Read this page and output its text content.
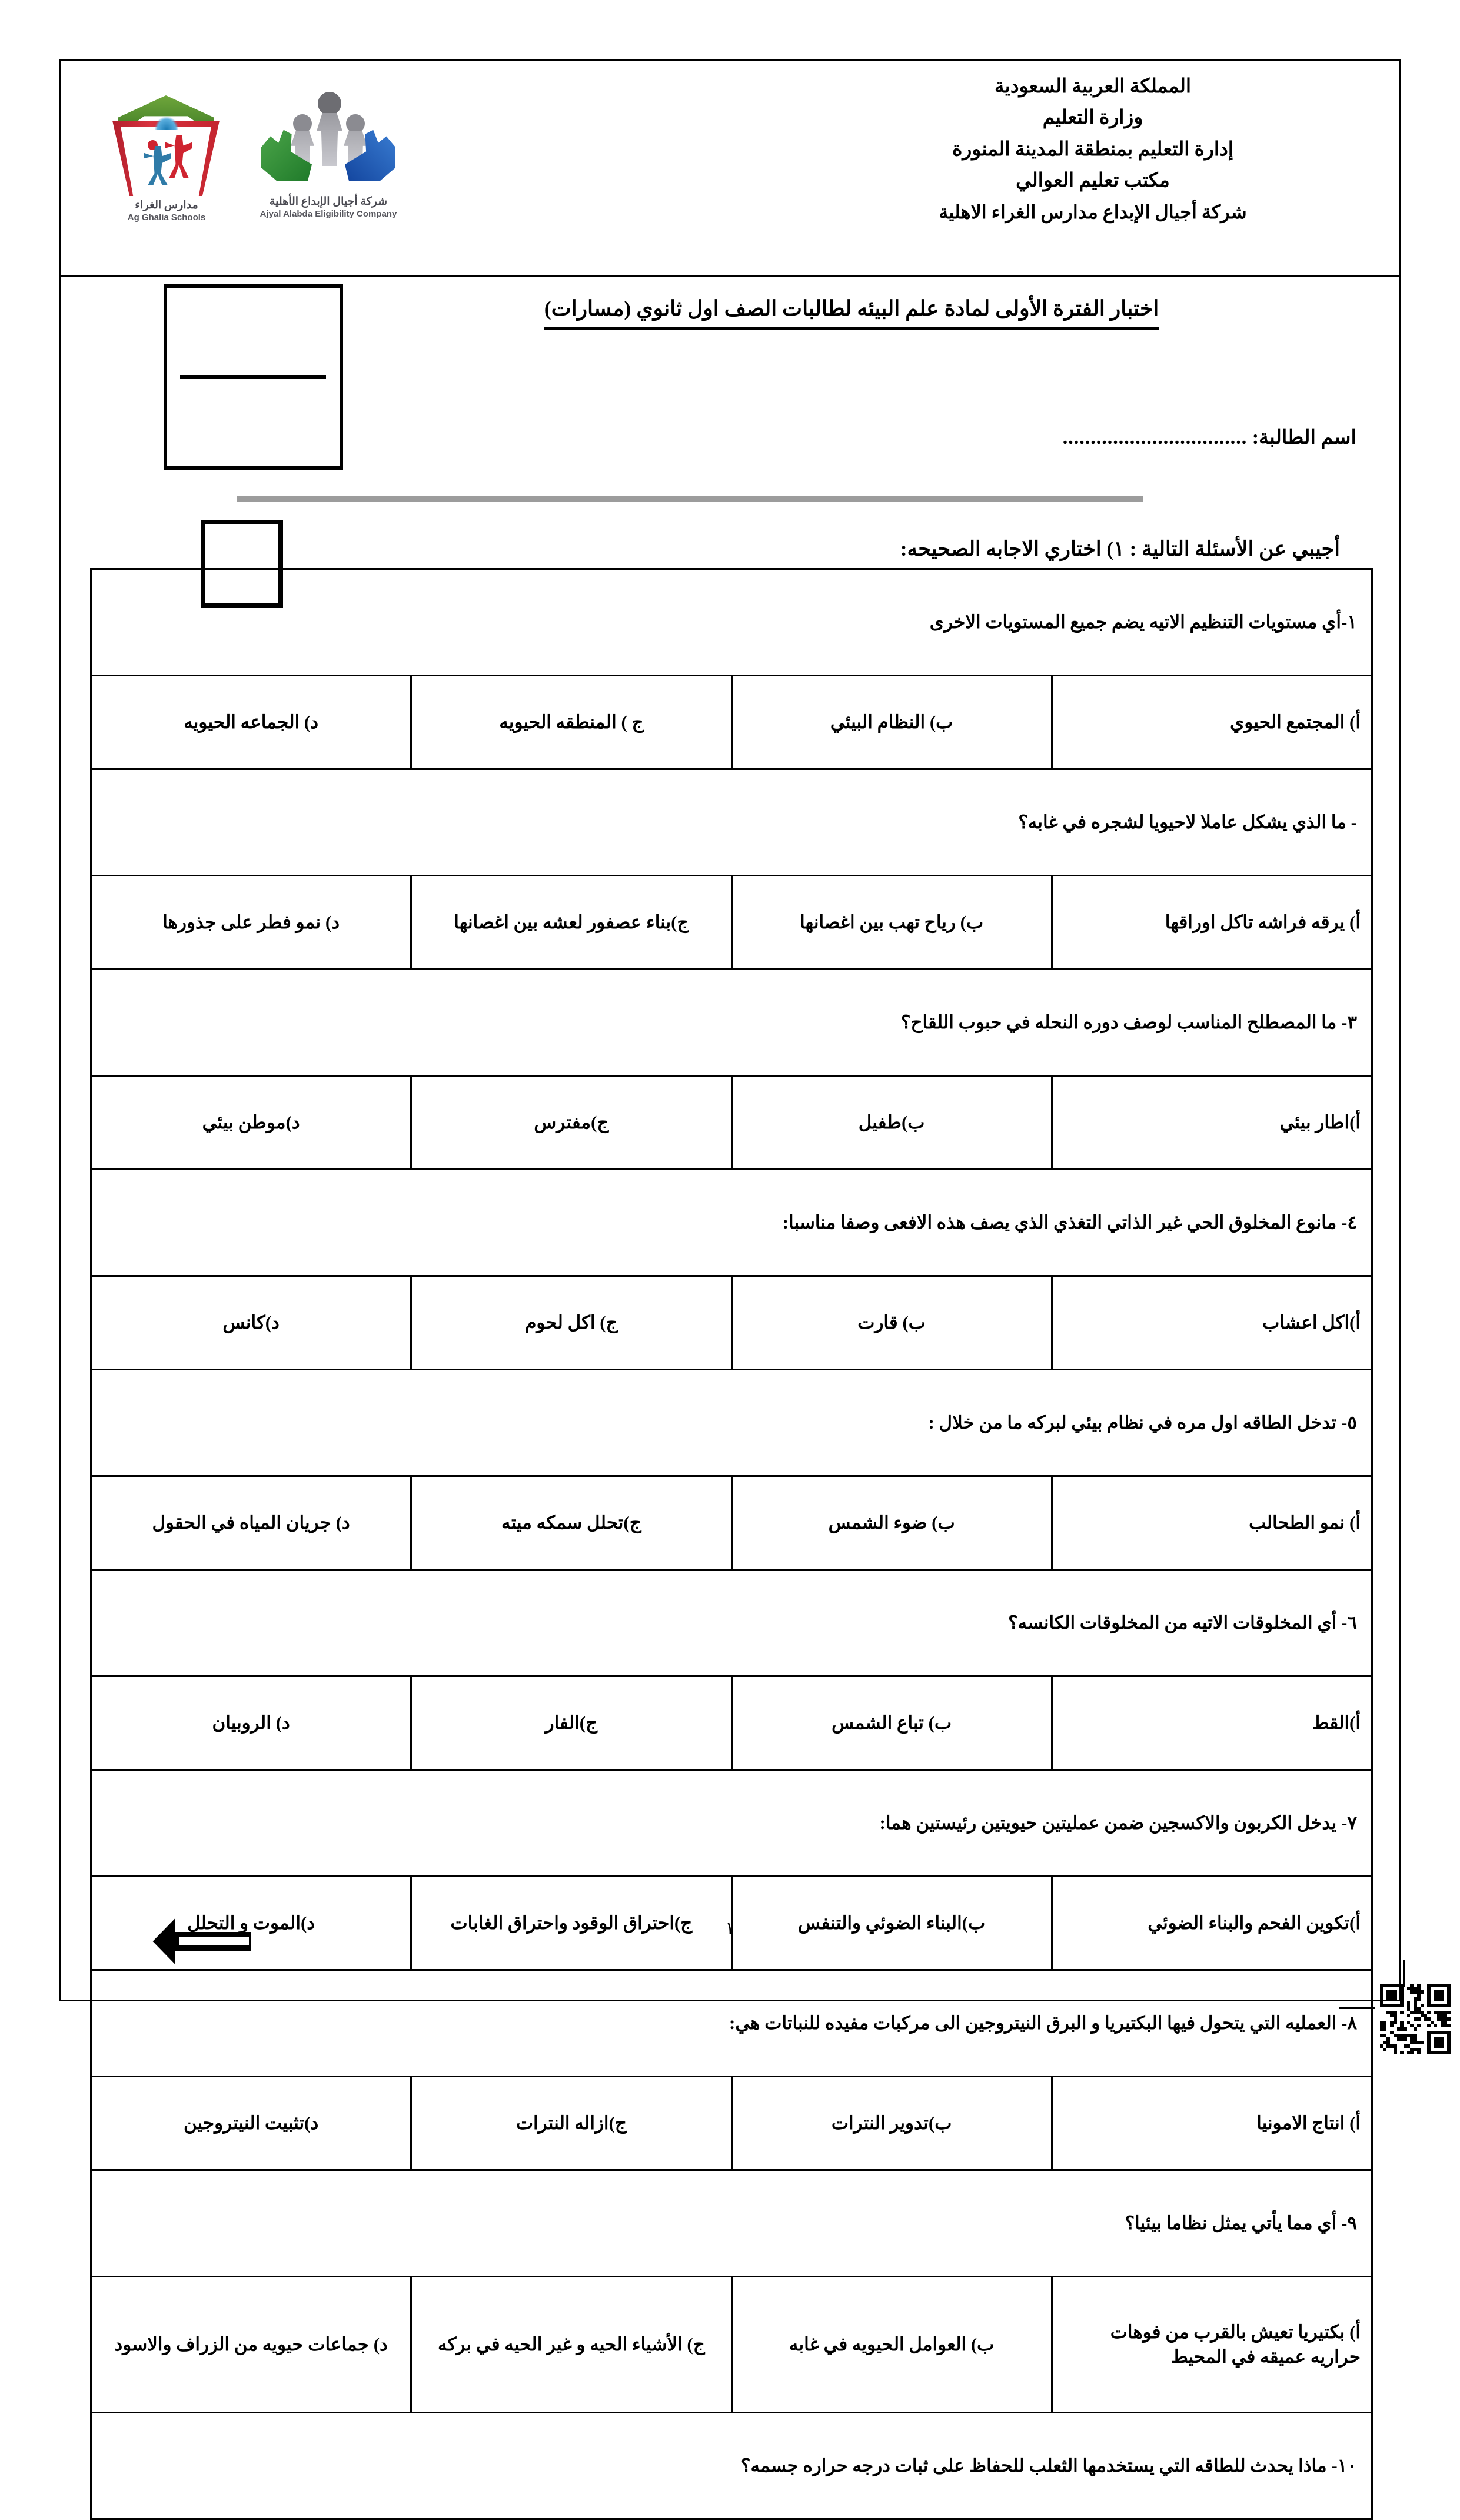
مدارس الغراء
Ag Ghalia Schools
شركة أجيال الإبداع الأهلية
Ajyal Alabda Eligibility Company
المملكة العربية السعودية
وزارة التعليم
إدارة التعليم بمنطقة المدينة المنورة
مكتب تعليم العوالي
شركة أجيال الإبداع مدارس الغراء الاهلية
اختبار الفترة الأولى لمادة علم البيئه لطالبات الصف اول ثانوي (مسارات)
اسم الطالبة: .................................
أجيبي عن الأسئلة التالية : ١) اختاري الاجابه الصحيحه:
١-أي مستويات التنظيم الاتيه يضم جميع المستويات الاخرى			

أ) المجتمع الحيوي	ب) النظام البيئي	ج ) المنطقه الحيويه	د) الجماعه الحيويه

- ما الذي يشكل عاملا لاحيويا لشجره في غابه؟			

أ) يرقه فراشه تاكل اوراقها	ب) رياح تهب بين اغصانها	ج)بناء عصفور لعشه بين اغصانها	د) نمو فطر على جذورها

٣- ما المصطلح المناسب لوصف دوره النحله في حبوب اللقاح؟			

أ)اطار بيئي	ب)طفيل	ج)مفترس	د)موطن بيئي

٤- مانوع المخلوق الحي غير الذاتي التغذي الذي يصف هذه الافعى وصفا مناسبا:			

أ)اكل اعشاب	ب) قارت	ج) اكل لحوم	د)كانس

٥- تدخل الطاقه اول مره في نظام بيئي لبركه ما من خلال :			

أ) نمو الطحالب	ب) ضوء الشمس	ج)تحلل سمكه ميته	د) جريان المياه في الحقول

٦- أي المخلوقات الاتيه من المخلوقات الكانسه؟			

أ)القط	ب) تباع الشمس	ج)الفار	د) الروبيان

٧- يدخل الكربون والاكسجين ضمن عمليتين حيويتين رئيستين هما:			

أ)تكوين الفحم والبناء الضوئي	ب)البناء الضوئي والتنفس	ج)احتراق الوقود واحتراق الغابات	د)الموت و التحلل

٨- العمليه التي يتحول فيها البكتيريا و البرق النيتروجين الى مركبات مفيده للنباتات هي:			

أ) انتاج الامونيا	ب)تدوير النترات	ج)ازاله النترات	د)تثبيت النيتروجين

٩- أي مما يأتي يمثل نظاما بيئيا؟			

أ) بكتيريا تعيش بالقرب من فوهات حراريه عميقه في المحيط	ب) العوامل الحيويه في غابه	ج) الأشياء الحيه و غير الحيه في بركه	د) جماعات حيويه من الزراف والاسود

١٠- ماذا يحدث للطاقه التي يستخدمها الثعلب للحفاظ على ثبات درجه حراره جسمه؟			
١
